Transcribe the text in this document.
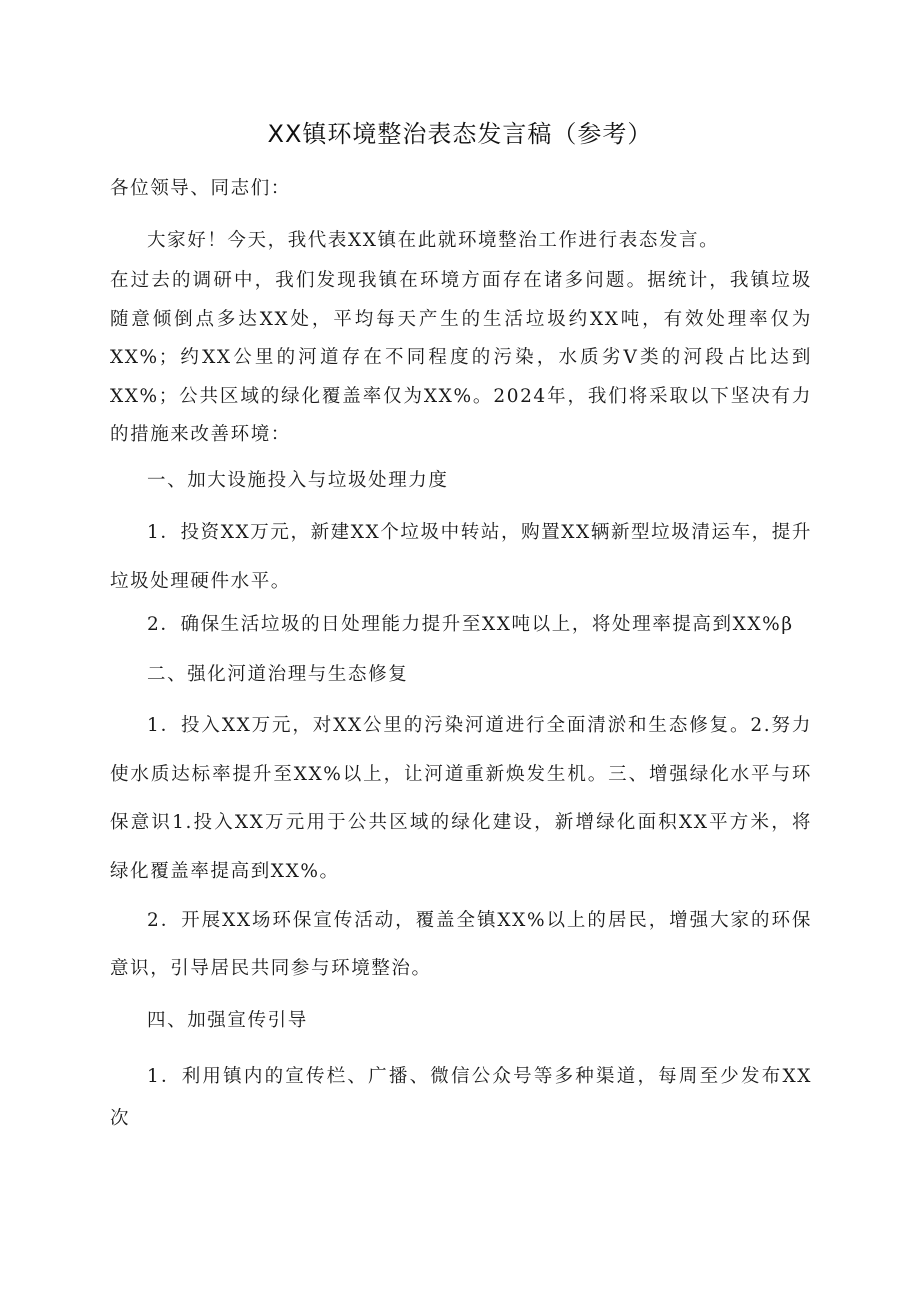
XX镇环境整治表态发言稿（参考）

各位领导、同志们：

大家好！今天，我代表XX镇在此就环境整治工作进行表态发言。

在过去的调研中，我们发现我镇在环境方面存在诸多问题。据统计，我镇垃圾随意倾倒点多达XX处，平均每天产生的生活垃圾约XX吨，有效处理率仅为XX%；约XX公里的河道存在不同程度的污染，水质劣V类的河段占比达到XX%；公共区域的绿化覆盖率仅为XX%。2024年，我们将采取以下坚决有力的措施来改善环境：

一、加大设施投入与垃圾处理力度

1．投资XX万元，新建XX个垃圾中转站，购置XX辆新型垃圾清运车，提升垃圾处理硬件水平。

2．确保生活垃圾的日处理能力提升至XX吨以上，将处理率提高到XX%β

二、强化河道治理与生态修复

1．投入XX万元，对XX公里的污染河道进行全面清淤和生态修复。2.努力使水质达标率提升至XX%以上，让河道重新焕发生机。三、增强绿化水平与环保意识1.投入XX万元用于公共区域的绿化建设，新增绿化面积XX平方米，将绿化覆盖率提高到XX%。

2．开展XX场环保宣传活动，覆盖全镇XX%以上的居民，增强大家的环保意识，引导居民共同参与环境整治。

四、加强宣传引导

1．利用镇内的宣传栏、广播、微信公众号等多种渠道，每周至少发布XX次
